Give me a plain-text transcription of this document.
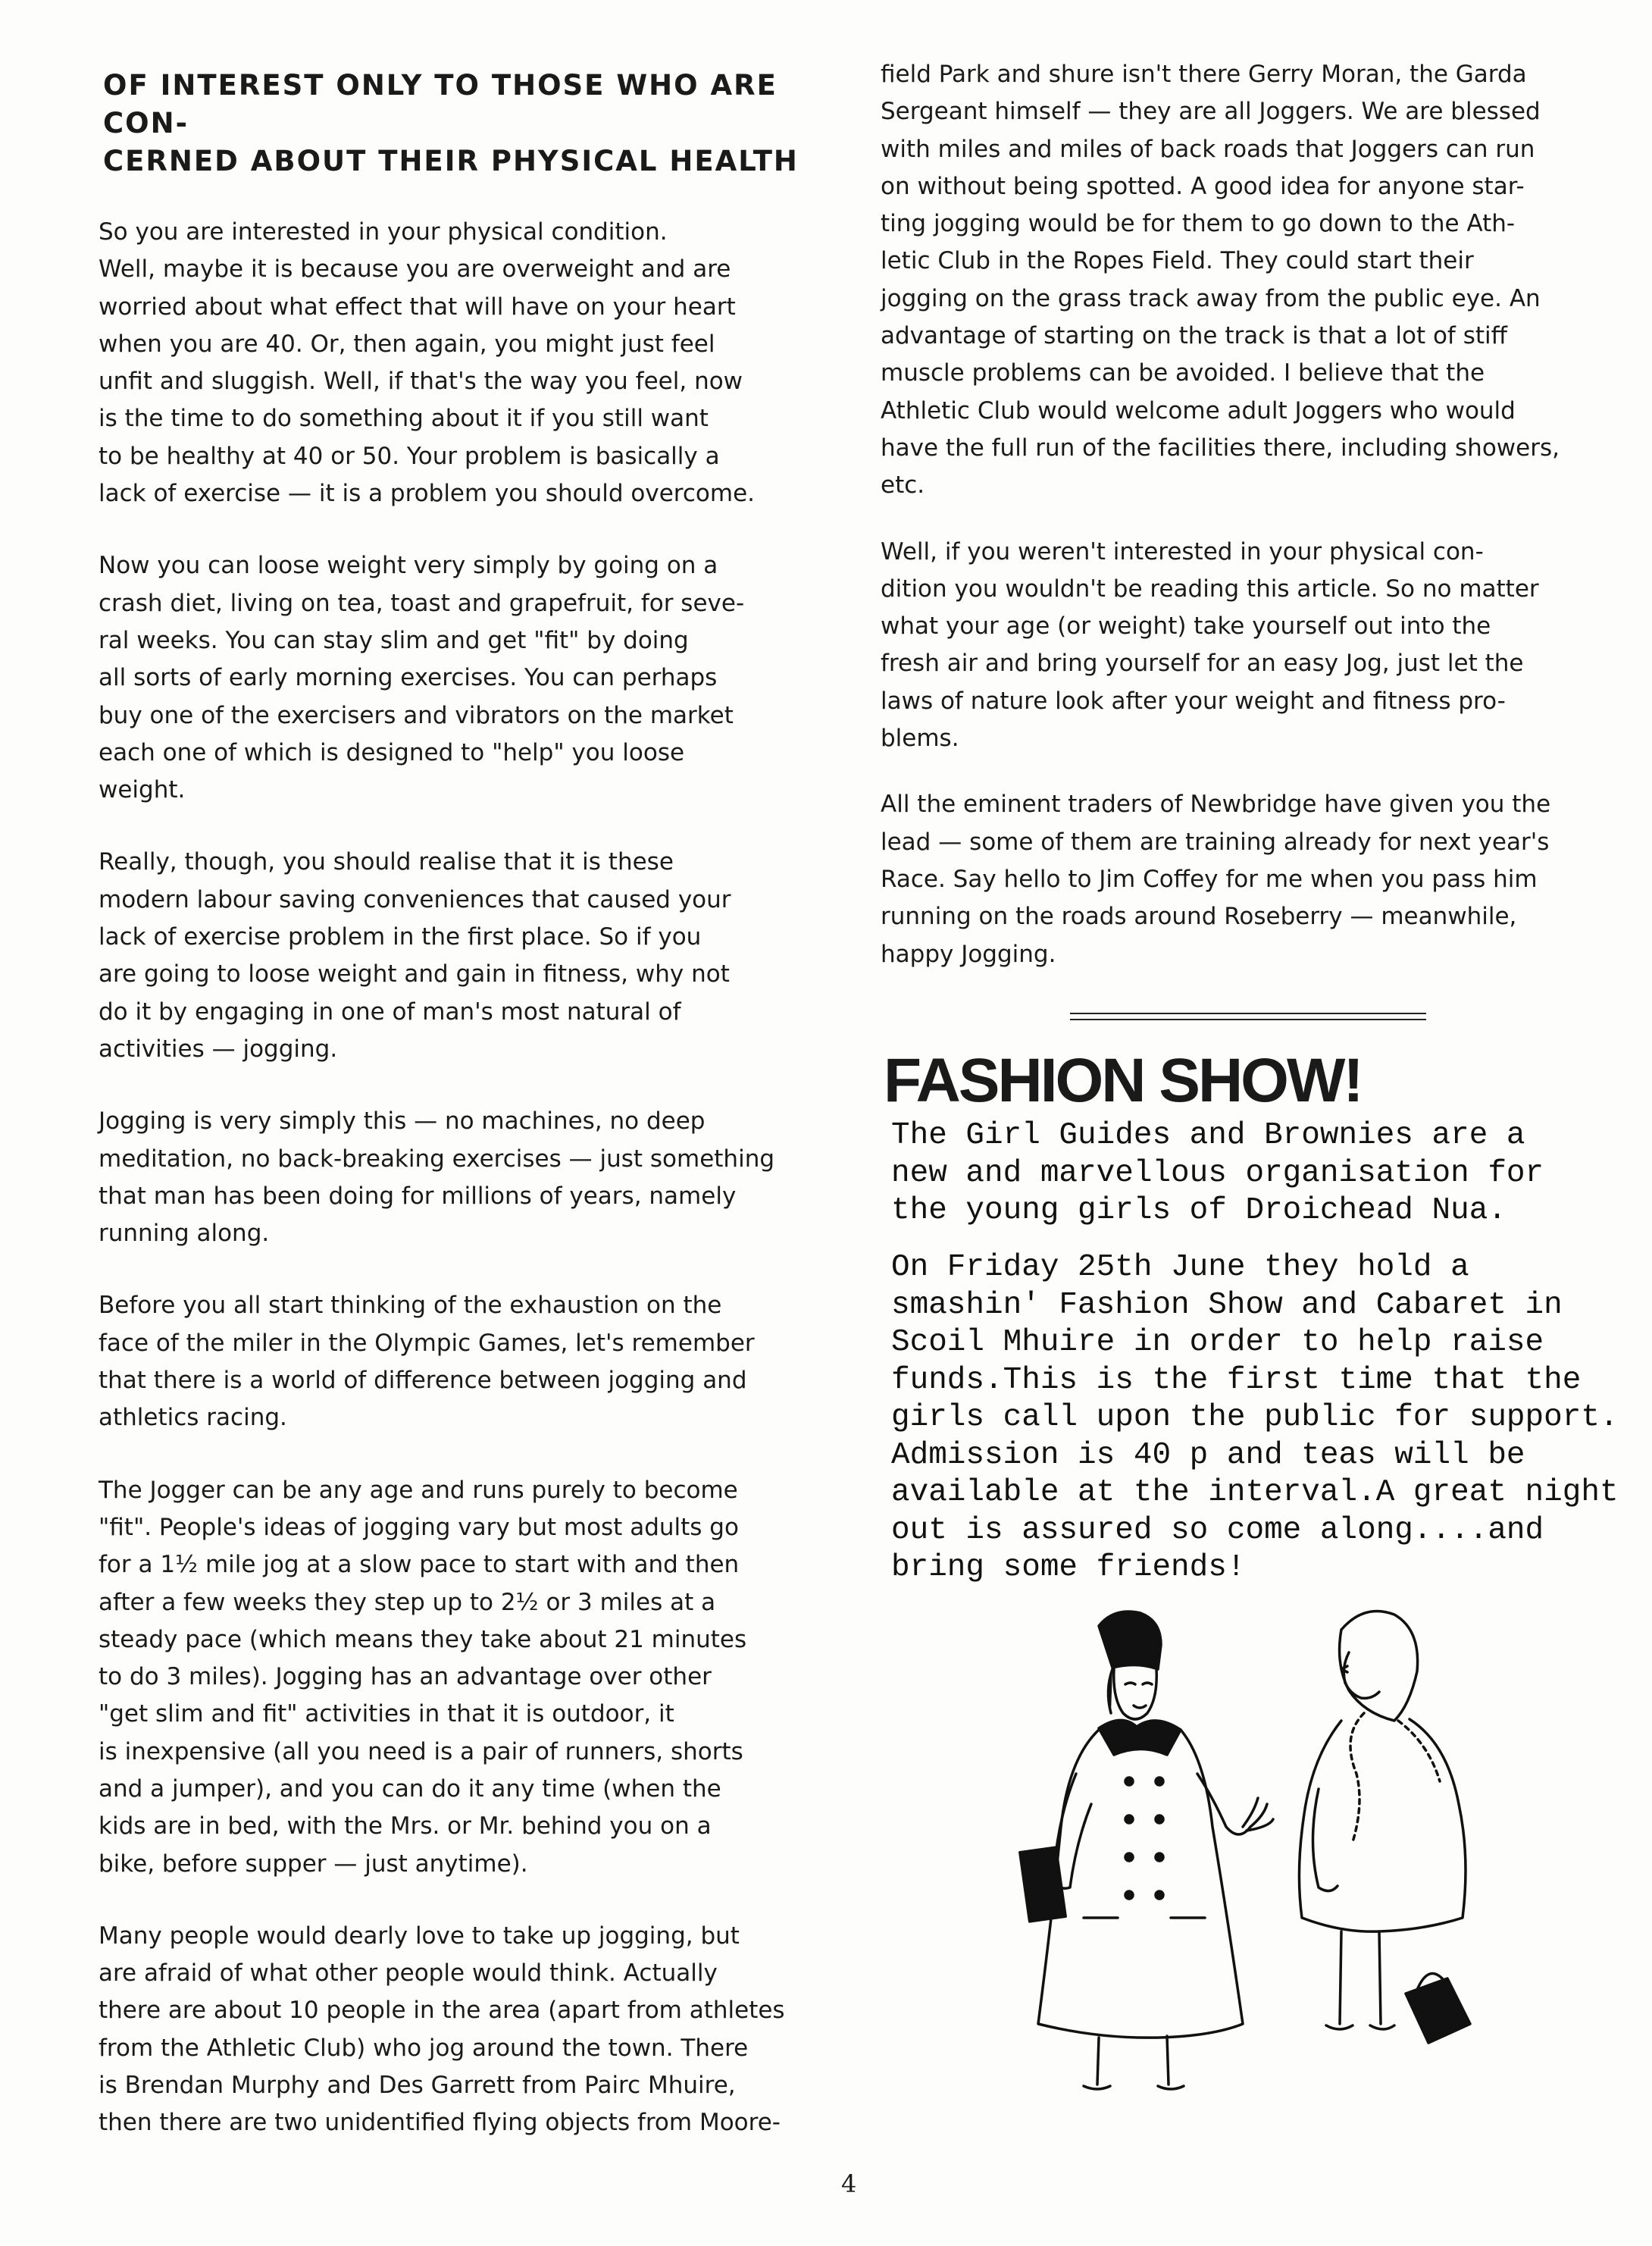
OF INTEREST ONLY TO THOSE WHO ARE CON-
CERNED ABOUT THEIR PHYSICAL HEALTH

So you are interested in your physical condition.
Well, maybe it is because you are overweight and are
worried about what effect that will have on your heart
when you are 40. Or, then again, you might just feel
unfit and sluggish. Well, if that's the way you feel, now
is the time to do something about it if you still want
to be healthy at 40 or 50. Your problem is basically a
lack of exercise — it is a problem you should overcome.

Now you can loose weight very simply by going on a
crash diet, living on tea, toast and grapefruit, for seve-
ral weeks. You can stay slim and get "fit" by doing
all sorts of early morning exercises. You can perhaps
buy one of the exercisers and vibrators on the market
each one of which is designed to "help" you loose
weight.

Really, though, you should realise that it is these
modern labour saving conveniences that caused your
lack of exercise problem in the first place. So if you
are going to loose weight and gain in fitness, why not
do it by engaging in one of man's most natural of
activities — jogging.

Jogging is very simply this — no machines, no deep
meditation, no back-breaking exercises — just something
that man has been doing for millions of years, namely
running along.

Before you all start thinking of the exhaustion on the
face of the miler in the Olympic Games, let's remember
that there is a world of difference between jogging and
athletics racing.

The Jogger can be any age and runs purely to become
"fit". People's ideas of jogging vary but most adults go
for a 1½ mile jog at a slow pace to start with and then
after a few weeks they step up to 2½ or 3 miles at a
steady pace (which means they take about 21 minutes
to do 3 miles). Jogging has an advantage over other
"get slim and fit" activities in that it is outdoor, it
is inexpensive (all you need is a pair of runners, shorts
and a jumper), and you can do it any time (when the
kids are in bed, with the Mrs. or Mr. behind you on a
bike, before supper — just anytime).

Many people would dearly love to take up jogging, but
are afraid of what other people would think. Actually
there are about 10 people in the area (apart from athletes
from the Athletic Club) who jog around the town. There
is Brendan Murphy and Des Garrett from Pairc Mhuire,
then there are two unidentified flying objects from Moore-

field Park and shure isn't there Gerry Moran, the Garda
Sergeant himself — they are all Joggers. We are blessed
with miles and miles of back roads that Joggers can run
on without being spotted. A good idea for anyone star-
ting jogging would be for them to go down to the Ath-
letic Club in the Ropes Field. They could start their
jogging on the grass track away from the public eye. An
advantage of starting on the track is that a lot of stiff
muscle problems can be avoided. I believe that the
Athletic Club would welcome adult Joggers who would
have the full run of the facilities there, including showers,
etc.

Well, if you weren't interested in your physical con-
dition you wouldn't be reading this article. So no matter
what your age (or weight) take yourself out into the
fresh air and bring yourself for an easy Jog, just let the
laws of nature look after your weight and fitness pro-
blems.

All the eminent traders of Newbridge have given you the
lead — some of them are training already for next year's
Race. Say hello to Jim Coffey for me when you pass him
running on the roads around Roseberry — meanwhile,
happy Jogging.

FASHION SHOW!
The Girl Guides and Brownies are a
new and marvellous organisation for
the young girls of Droichead Nua.
On Friday 25th June they hold a
smashin' Fashion Show and Cabaret in
Scoil Mhuire in order to help raise
funds.This is the first time that the
girls call upon the public for support.
Admission is 40 p and teas will be
available at the interval.A great night
out is assured so come along....and
bring some friends!
4
